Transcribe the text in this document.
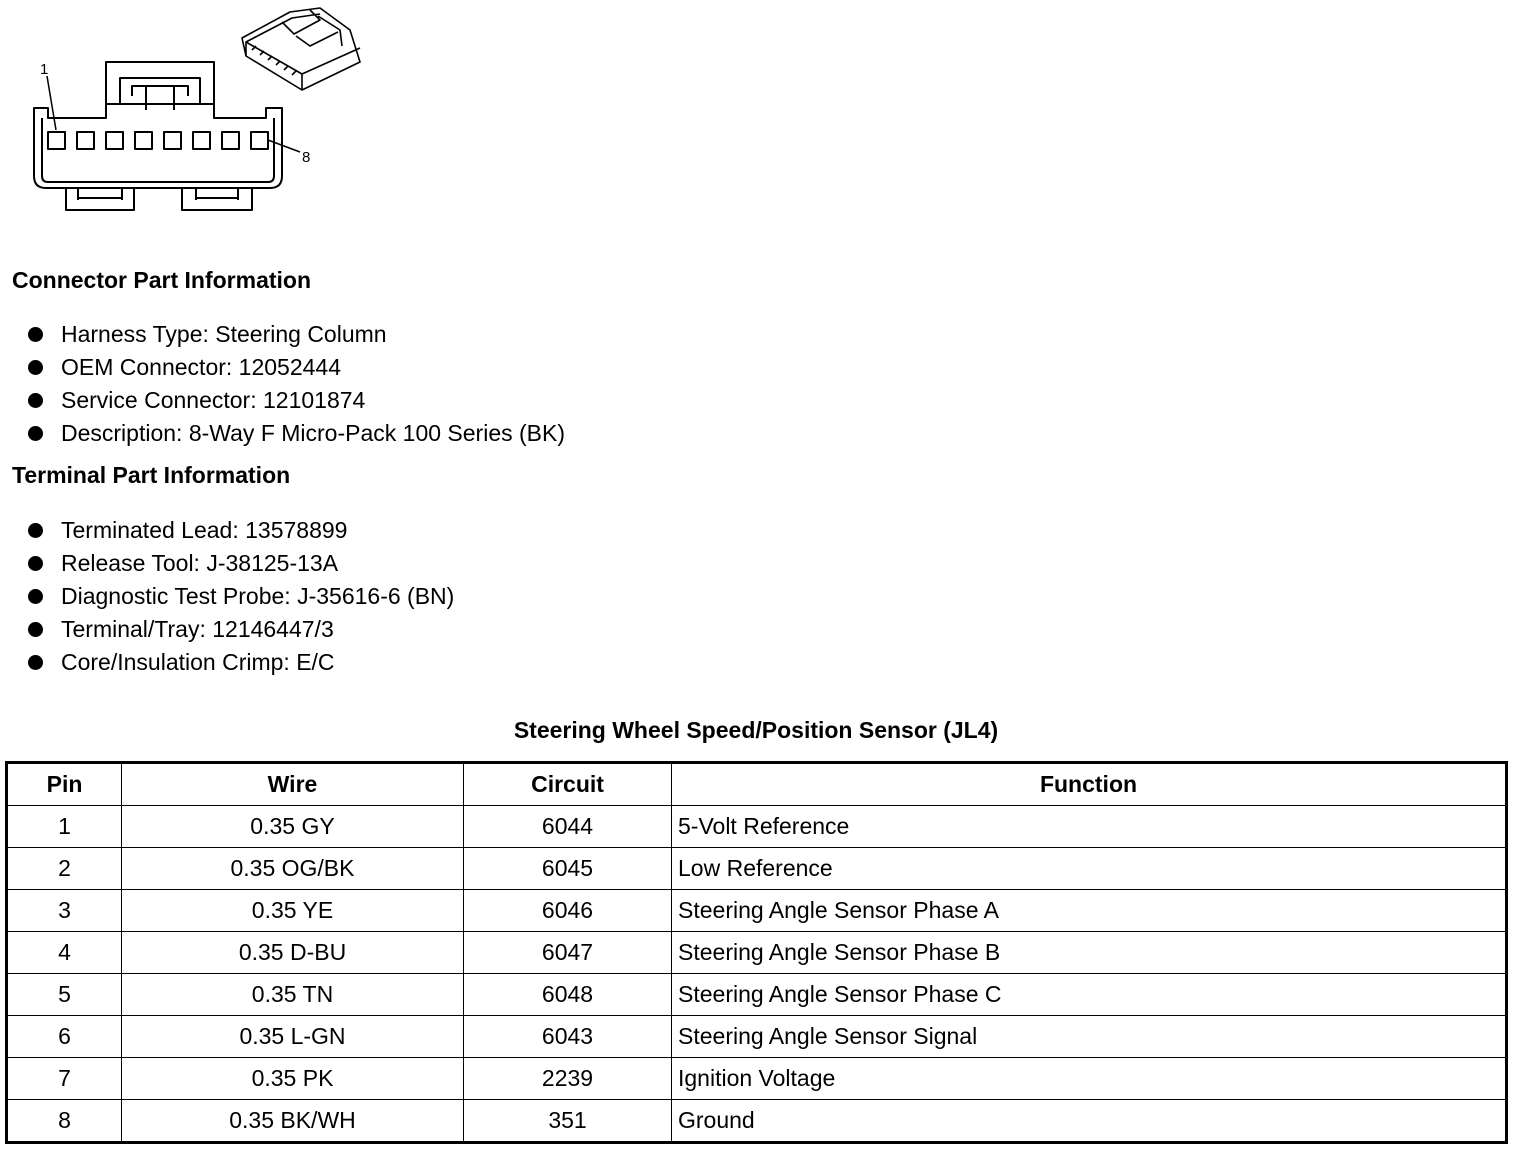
1
8
Connector Part Information
Harness Type: Steering Column
OEM Connector: 12052444
Service Connector: 12101874
Description: 8-Way F Micro-Pack 100 Series (BK)
Terminal Part Information
Terminated Lead: 13578899
Release Tool: J-38125-13A
Diagnostic Test Probe: J-35616-6 (BN)
Terminal/Tray: 12146447/3
Core/Insulation Crimp: E/C
Steering Wheel Speed/Position Sensor (JL4)
Pin	Wire	Circuit	Function
1	0.35 GY	6044	5-Volt Reference
2	0.35 OG/BK	6045	Low Reference
3	0.35 YE	6046	Steering Angle Sensor Phase A
4	0.35 D-BU	6047	Steering Angle Sensor Phase B
5	0.35 TN	6048	Steering Angle Sensor Phase C
6	0.35 L-GN	6043	Steering Angle Sensor Signal
7	0.35 PK	2239	Ignition Voltage
8	0.35 BK/WH	351	Ground
